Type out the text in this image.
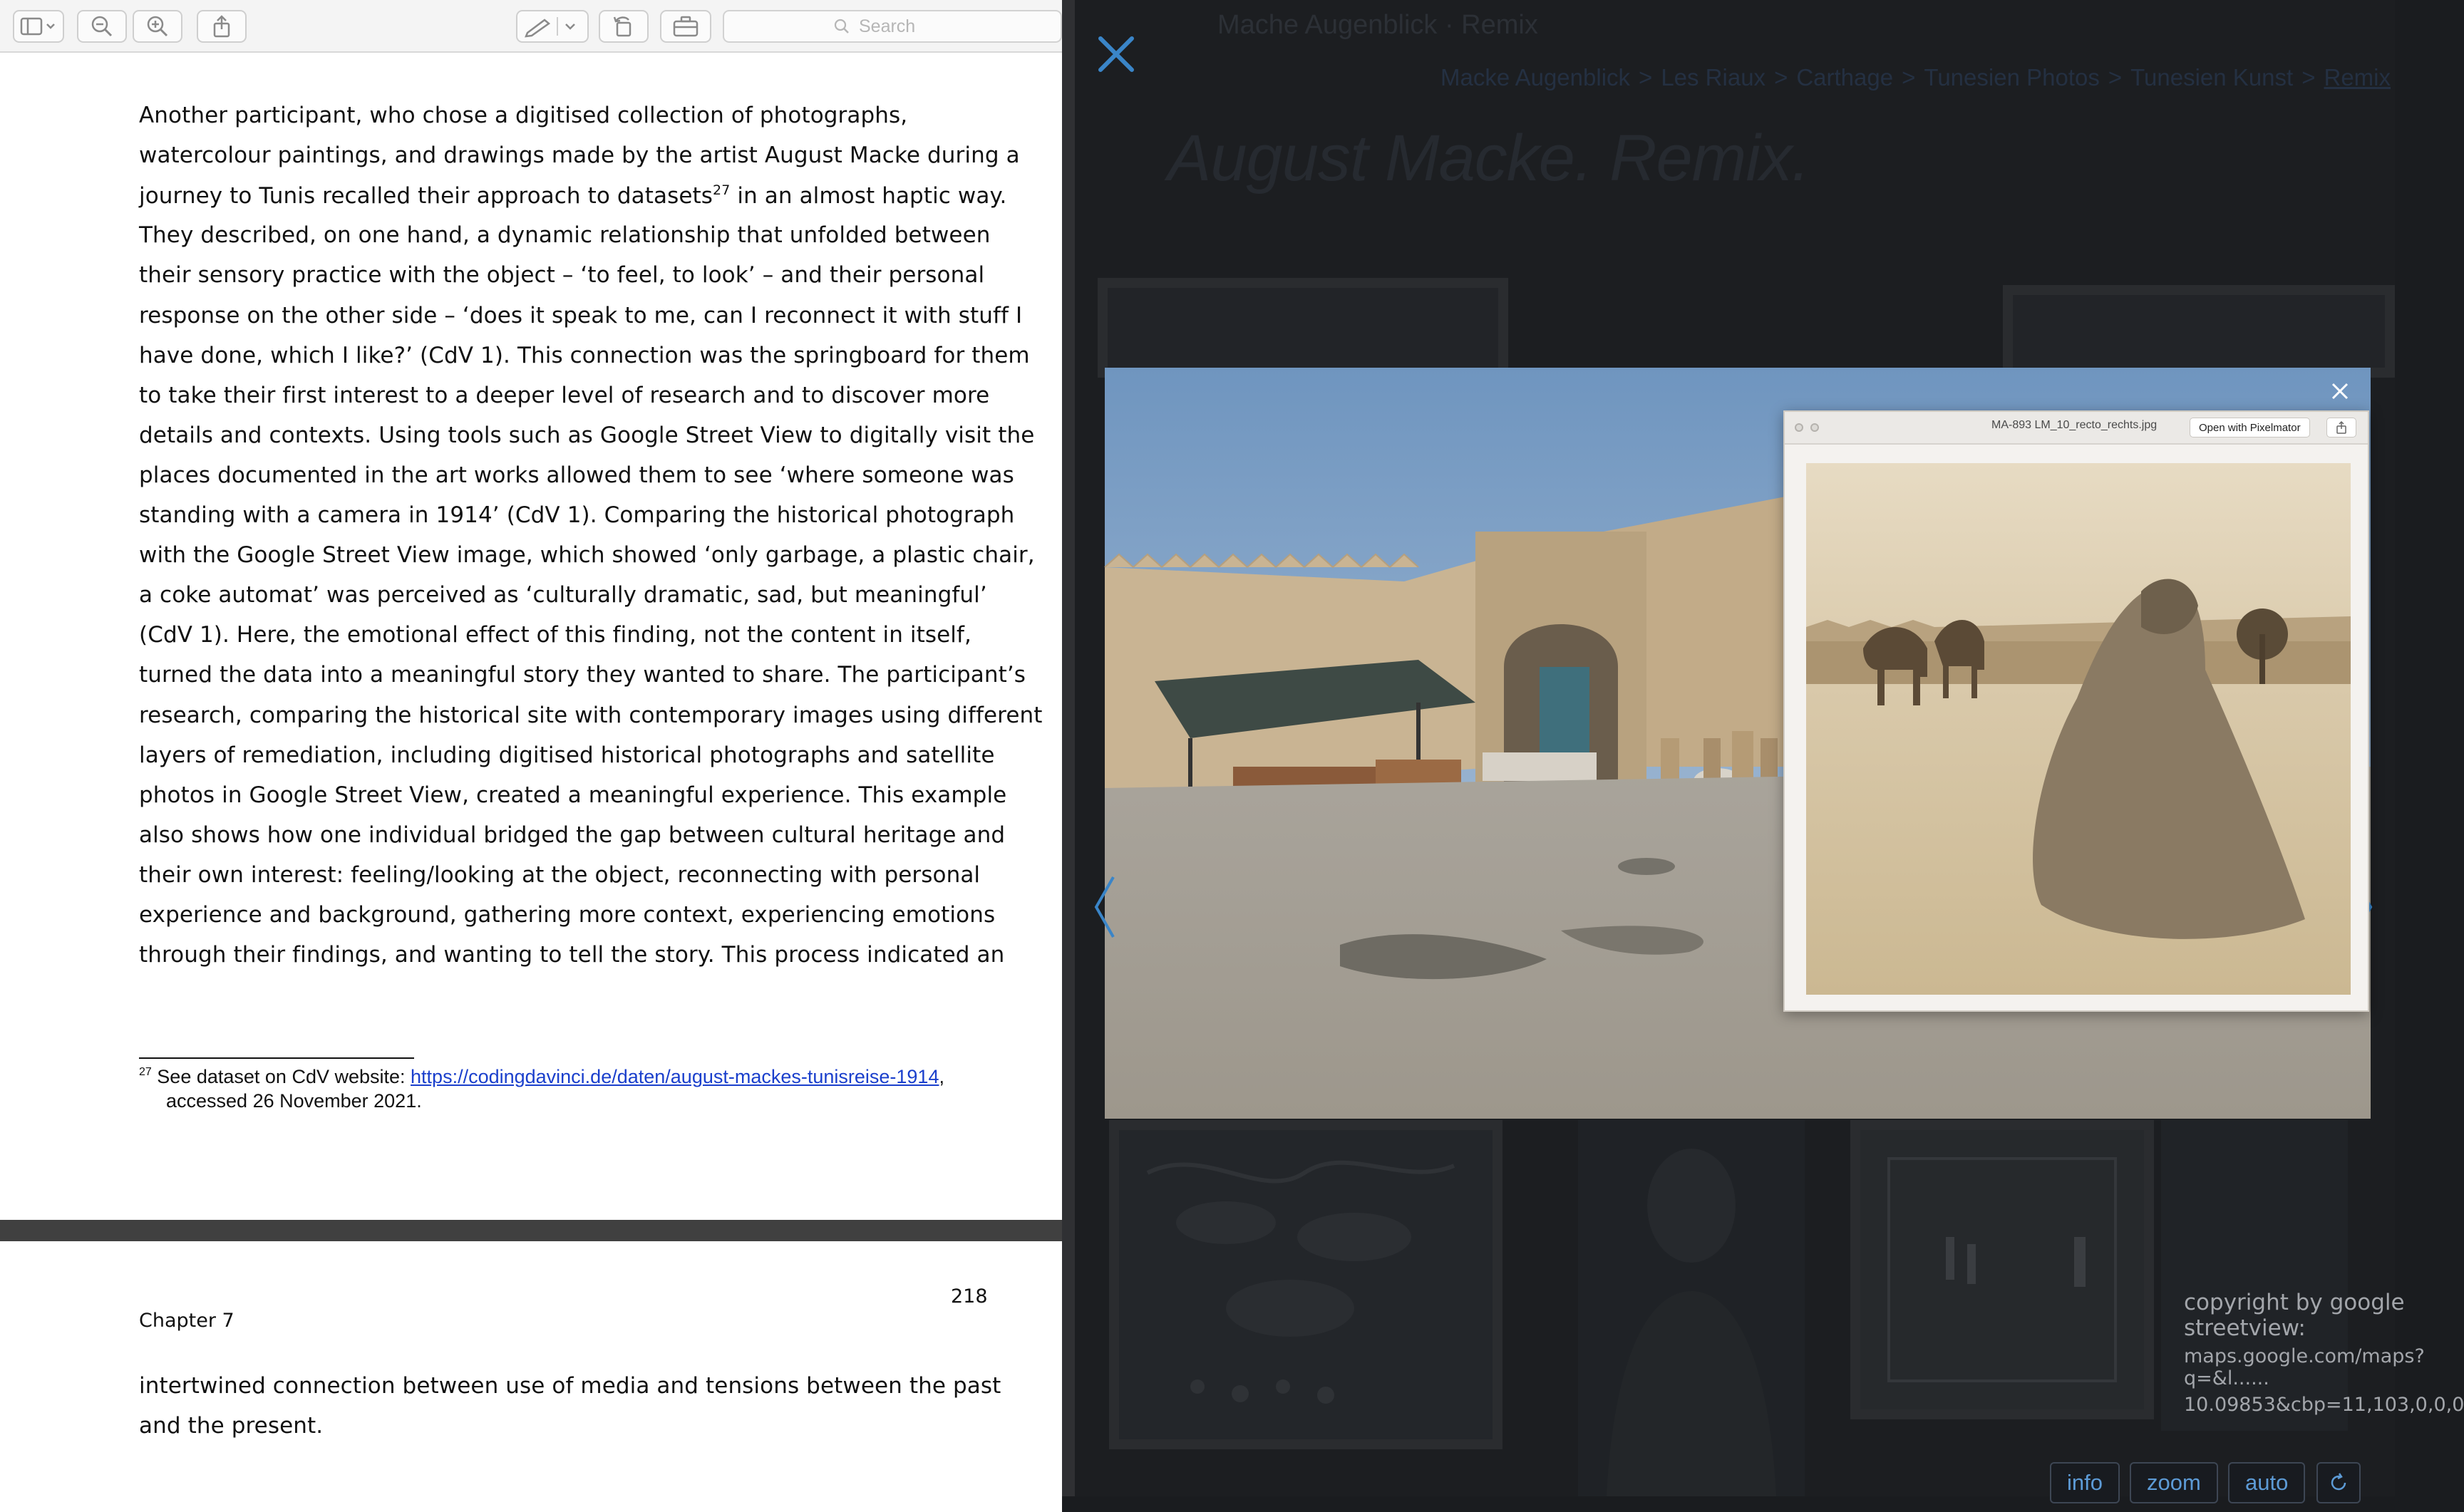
Search
Another participant, who chose a digitised collection of photographs,
watercolour paintings, and drawings made by the artist August Macke during a
journey to Tunis recalled their approach to datasets$^{27}$ in an almost haptic way.
They described, on one hand, a dynamic relationship that unfolded between
their sensory practice with the object – ‘to feel, to look’ – and their personal
response on the other side – ‘does it speak to me, can I reconnect it with stuff I
have done, which I like?’ (CdV 1). This connection was the springboard for them
to take their first interest to a deeper level of research and to discover more
details and contexts. Using tools such as Google Street View to digitally visit the
places documented in the art works allowed them to see ‘where someone was
standing with a camera in 1914’ (CdV 1). Comparing the historical photograph
with the Google Street View image, which showed ‘only garbage, a plastic chair,
a coke automat’ was perceived as ‘culturally dramatic, sad, but meaningful’
(CdV 1). Here, the emotional effect of this finding, not the content in itself,
turned the data into a meaningful story they wanted to share. The participant’s
research, comparing the historical site with contemporary images using different
layers of remediation, including digitised historical photographs and satellite
photos in Google Street View, created a meaningful experience. This example
also shows how one individual bridged the gap between cultural heritage and
their own interest: feeling/looking at the object, reconnecting with personal
experience and background, gathering more context, experiencing emotions
through their findings, and wanting to tell the story. This process indicated an
$^{27}$ See dataset on CdV website: https://codingdavinci.de/daten/august-mackes-tunisreise-1914,
accessed 26 November 2021.
218
Chapter 7
intertwined connection between use of media and tensions between the past
and the present.
Mache Augenblick · Remix
Macke Augenblick > Les Riaux > Carthage > Tunesien Photos > Tunesien Kunst > Remix
August Macke. Remix.
copyright by google streetview:
maps.google.com/maps?q=&l......
10.09853&cbp=11,103,0,0,0
info	zoom	auto
MA-893 LM_10_recto_rechts.jpg	Open with Pixelmator
